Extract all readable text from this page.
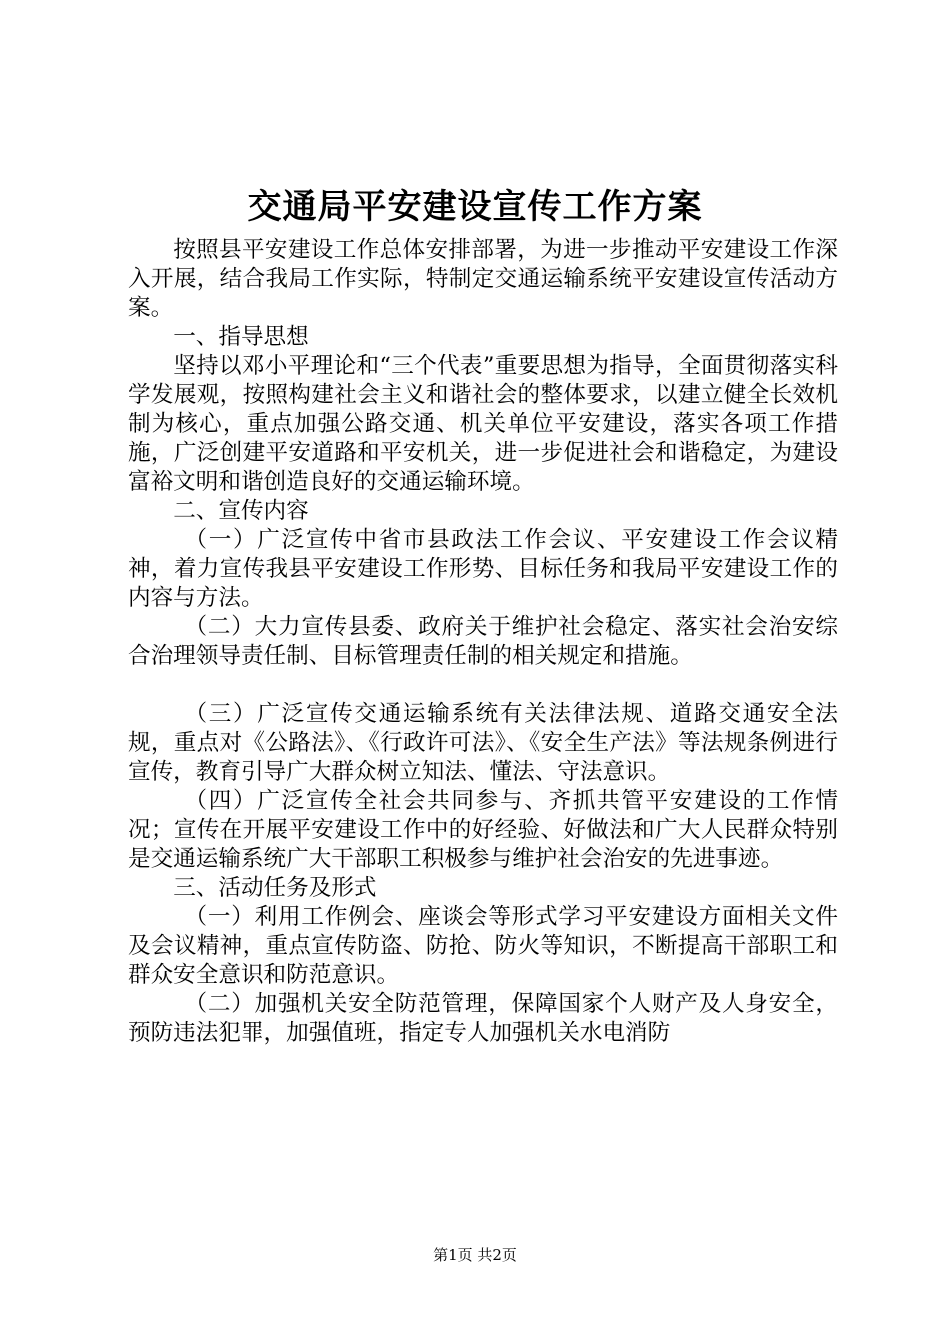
交通局平安建设宣传工作方案

按照县平安建设工作总体安排部署，为进一步推动平安建设工作深入开展，结合我局工作实际，特制定交通运输系统平安建设宣传活动方案。

一、指导思想

坚持以邓小平理论和“三个代表”重要思想为指导，全面贯彻落实科学发展观，按照构建社会主义和谐社会的整体要求，以建立健全长效机制为核心，重点加强公路交通、机关单位平安建设，落实各项工作措施，广泛创建平安道路和平安机关，进一步促进社会和谐稳定，为建设富裕文明和谐创造良好的交通运输环境。

二、宣传内容

（一）广泛宣传中省市县政法工作会议、平安建设工作会议精神，着力宣传我县平安建设工作形势、目标任务和我局平安建设工作的内容与方法。

（二）大力宣传县委、政府关于维护社会稳定、落实社会治安综合治理领导责任制、目标管理责任制的相关规定和措施。

（三）广泛宣传交通运输系统有关法律法规、道路交通安全法规，重点对《公路法》、《行政许可法》、《安全生产法》等法规条例进行宣传，教育引导广大群众树立知法、懂法、守法意识。

（四）广泛宣传全社会共同参与、齐抓共管平安建设的工作情况；宣传在开展平安建设工作中的好经验、好做法和广大人民群众特别是交通运输系统广大干部职工积极参与维护社会治安的先进事迹。

三、活动任务及形式

（一）利用工作例会、座谈会等形式学习平安建设方面相关文件及会议精神，重点宣传防盗、防抢、防火等知识，不断提高干部职工和群众安全意识和防范意识。

（二）加强机关安全防范管理，保障国家个人财产及人身安全，预防违法犯罪，加强值班，指定专人加强机关水电消防

第1页 共2页
